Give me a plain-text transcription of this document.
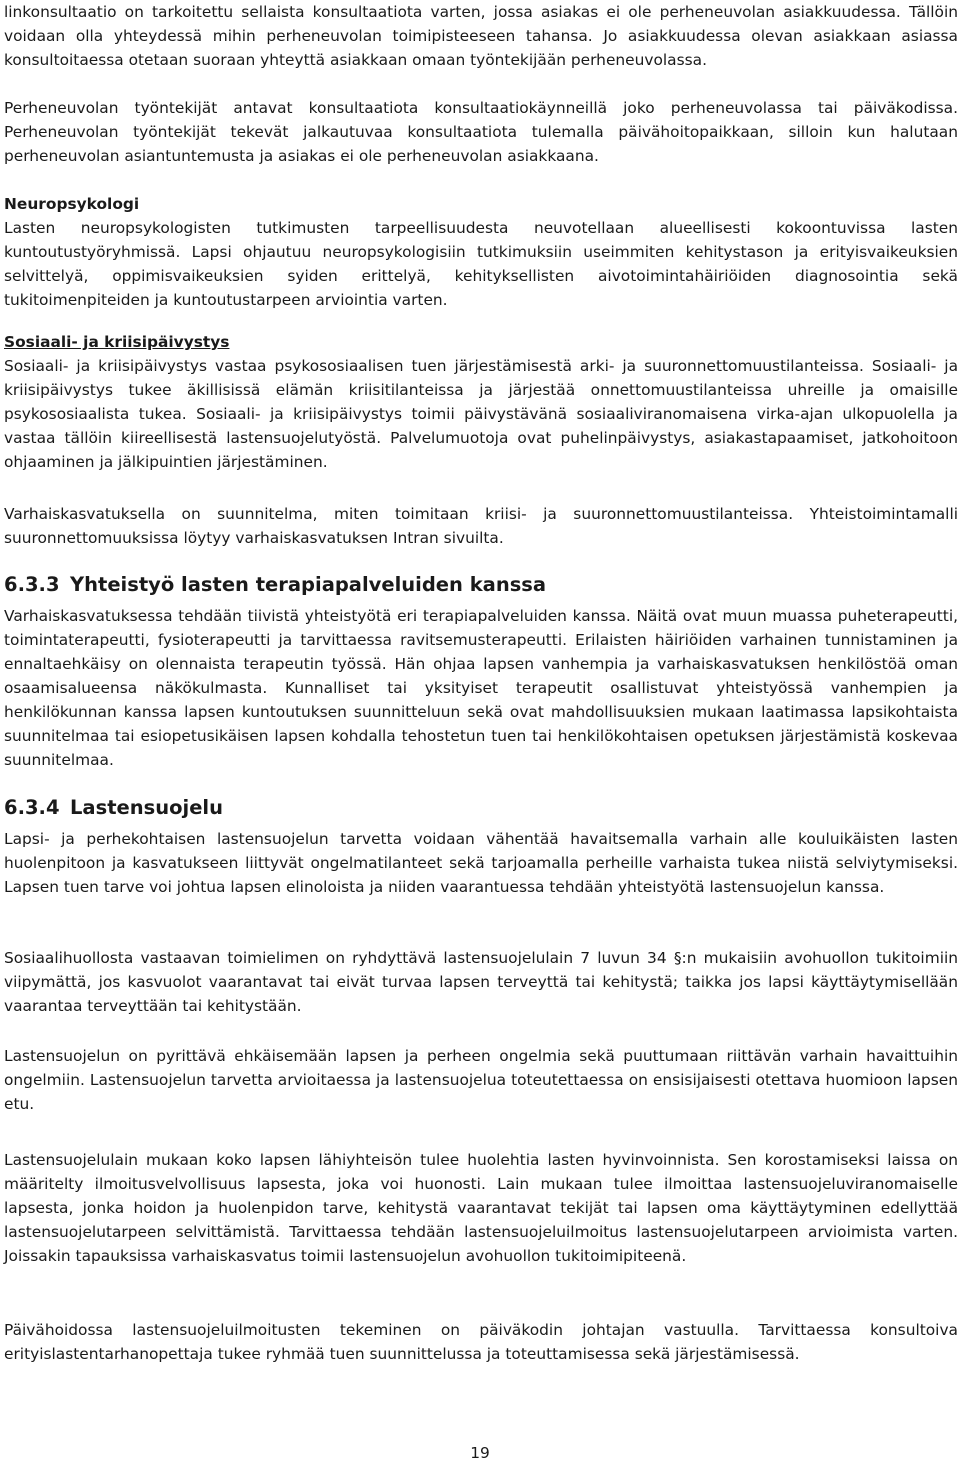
linkonsultaatio on tarkoitettu sellaista konsultaatiota varten, jossa asiakas ei ole perheneuvolan asiakkuudessa. Tällöin voidaan olla yhteydessä mihin perheneuvolan toimipisteeseen tahansa. Jo asiakkuudessa olevan asiakkaan asiassa konsultoitaessa otetaan suoraan yhteyttä asiakkaan omaan työntekijään perheneuvolassa.

Perheneuvolan työntekijät antavat konsultaatiota konsultaatiokäynneillä joko perheneuvolassa tai päiväkodissa. Perheneuvolan työntekijät tekevät jalkautuvaa konsultaatiota tulemalla päivähoitopaikkaan, silloin kun halutaan perheneuvolan asiantuntemusta ja asiakas ei ole perheneuvolan asiakkaana.

Neuropsykologi

Lasten neuropsykologisten tutkimusten tarpeellisuudesta neuvotellaan alueellisesti kokoontuvissa lasten kuntoutustyöryhmissä. Lapsi ohjautuu neuropsykologisiin tutkimuksiin useimmiten kehitystason ja erityisvaikeuksien selvittelyä, oppimisvaikeuksien syiden erittelyä, kehityksellisten aivotoimintahäiriöiden diagnosointia sekä tukitoimenpiteiden ja kuntoutustarpeen arviointia varten.

Sosiaali- ja kriisipäivystys

Sosiaali- ja kriisipäivystys vastaa psykososiaalisen tuen järjestämisestä arki- ja suuronnettomuustilanteissa. Sosiaali- ja kriisipäivystys tukee äkillisissä elämän kriisitilanteissa ja järjestää onnettomuustilanteissa uhreille ja omaisille psykososiaalista tukea. Sosiaali- ja kriisipäivystys toimii päivystävänä sosiaaliviranomaisena virka-ajan ulkopuolella ja vastaa tällöin kiireellisestä lastensuojelutyöstä. Palvelumuotoja ovat puhelinpäivystys, asiakastapaamiset, jatkohoitoon ohjaaminen ja jälkipuintien järjestäminen.

Varhaiskasvatuksella on suunnitelma, miten toimitaan kriisi- ja suuronnettomuustilanteissa. Yhteistoimintamalli suuronnettomuuksissa löytyy varhaiskasvatuksen Intran sivuilta.

6.3.3 Yhteistyö lasten terapiapalveluiden kanssa

Varhaiskasvatuksessa tehdään tiivistä yhteistyötä eri terapiapalveluiden kanssa. Näitä ovat muun muassa puheterapeutti, toimintaterapeutti, fysioterapeutti ja tarvittaessa ravitsemusterapeutti. Erilaisten häiriöiden varhainen tunnistaminen ja ennaltaehkäisy on olennaista terapeutin työssä. Hän ohjaa lapsen vanhempia ja varhaiskasvatuksen henkilöstöä oman osaamisalueensa näkökulmasta. Kunnalliset tai yksityiset terapeutit osallistuvat yhteistyössä vanhempien ja henkilökunnan kanssa lapsen kuntoutuksen suunnitteluun sekä ovat mahdollisuuksien mukaan laatimassa lapsikohtaista suunnitelmaa tai esiopetusikäisen lapsen kohdalla tehostetun tuen tai henkilökohtaisen opetuksen järjestämistä koskevaa suunnitelmaa.

6.3.4 Lastensuojelu

Lapsi- ja perhekohtaisen lastensuojelun tarvetta voidaan vähentää havaitsemalla varhain alle kouluikäisten lasten huolenpitoon ja kasvatukseen liittyvät ongelmatilanteet sekä tarjoamalla perheille varhaista tukea niistä selviytymiseksi. Lapsen tuen tarve voi johtua lapsen elinoloista ja niiden vaarantuessa tehdään yhteistyötä lastensuojelun kanssa.

Sosiaalihuollosta vastaavan toimielimen on ryhdyttävä lastensuojelulain 7 luvun 34 §:n mukaisiin avohuollon tukitoimiin viipymättä, jos kasvuolot vaarantavat tai eivät turvaa lapsen terveyttä tai kehitystä; taikka jos lapsi käyttäytymisellään vaarantaa terveyttään tai kehitystään.

Lastensuojelun on pyrittävä ehkäisemään lapsen ja perheen ongelmia sekä puuttumaan riittävän varhain havaittuihin ongelmiin. Lastensuojelun tarvetta arvioitaessa ja lastensuojelua toteutettaessa on ensisijaisesti otettava huomioon lapsen etu.

Lastensuojelulain mukaan koko lapsen lähiyhteisön tulee huolehtia lasten hyvinvoinnista. Sen korostamiseksi laissa on määritelty ilmoitusvelvollisuus lapsesta, joka voi huonosti. Lain mukaan tulee ilmoittaa lastensuojeluviranomaiselle lapsesta, jonka hoidon ja huolenpidon tarve, kehitystä vaarantavat tekijät tai lapsen oma käyttäytyminen edellyttää lastensuojelutarpeen selvittämistä. Tarvittaessa tehdään lastensuojeluilmoitus lastensuojelutarpeen arvioimista varten. Joissakin tapauksissa varhaiskasvatus toimii lastensuojelun avohuollon tukitoimipiteenä.

Päivähoidossa lastensuojeluilmoitusten tekeminen on päiväkodin johtajan vastuulla. Tarvittaessa konsultoiva erityislastentarhanopettaja tukee ryhmää tuen suunnittelussa ja toteuttamisessa sekä järjestämisessä.

19
